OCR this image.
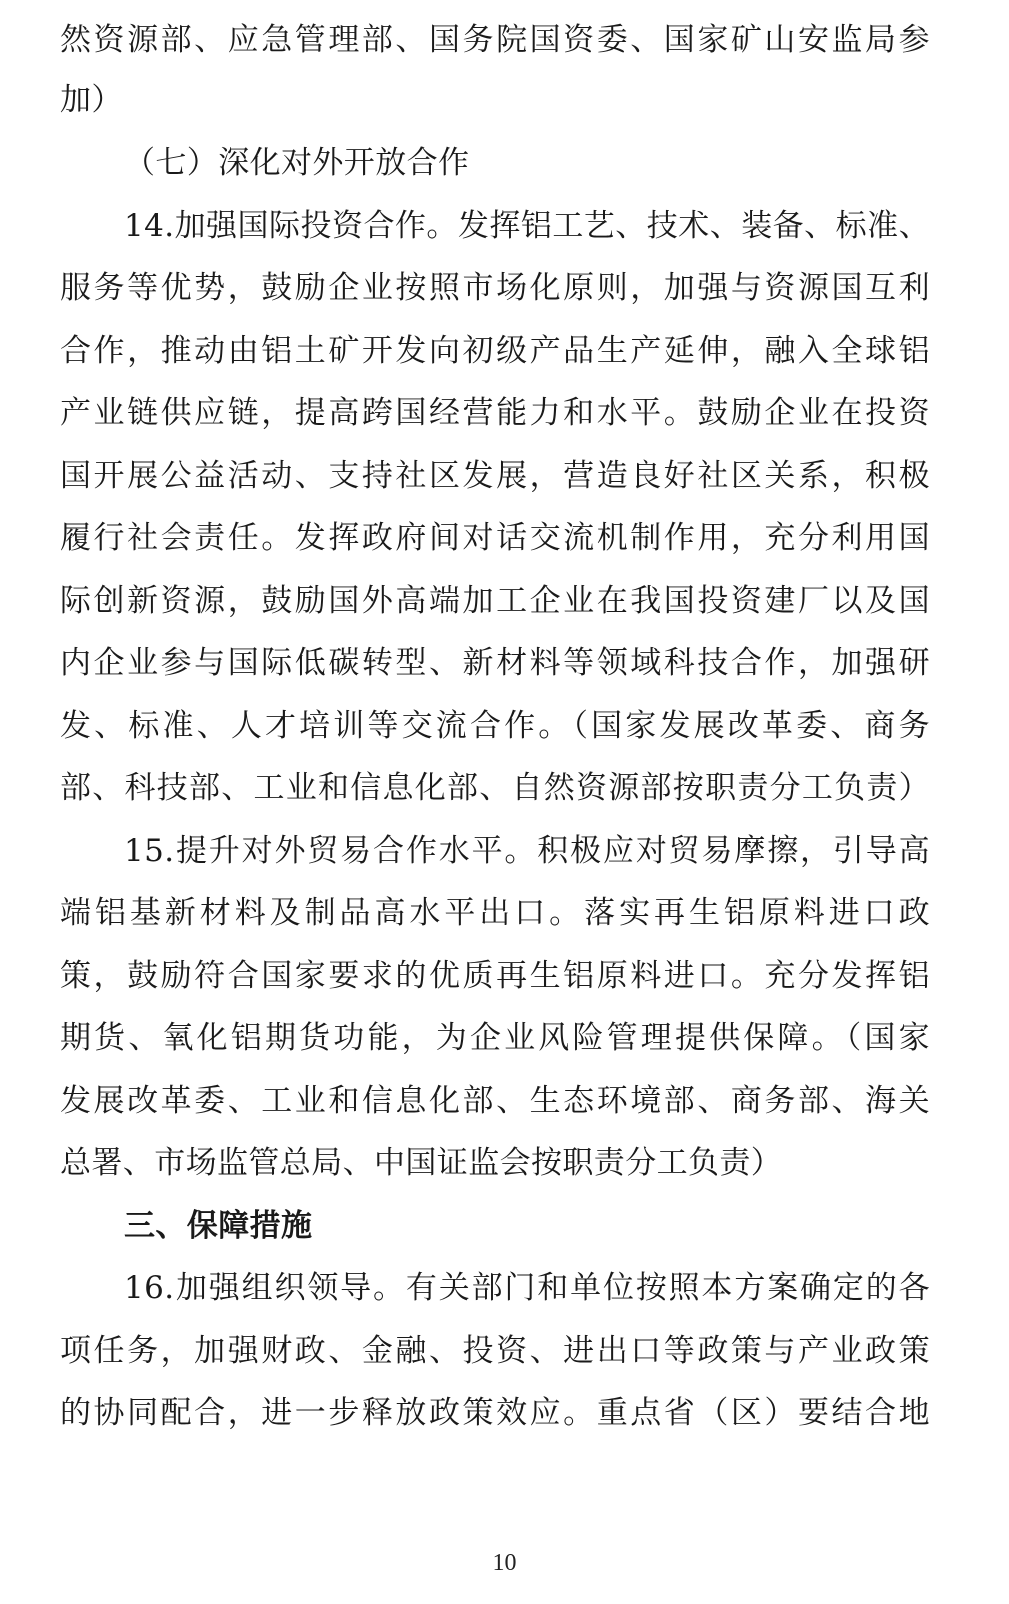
然资源部、应急管理部、国务院国资委、国家矿山安监局参
加）
（七）深化对外开放合作
14.加强国际投资合作。发挥铝工艺、技术、装备、标准、
服务等优势，鼓励企业按照市场化原则，加强与资源国互利
合作，推动由铝土矿开发向初级产品生产延伸，融入全球铝
产业链供应链，提高跨国经营能力和水平。鼓励企业在投资
国开展公益活动、支持社区发展，营造良好社区关系，积极
履行社会责任。发挥政府间对话交流机制作用，充分利用国
际创新资源，鼓励国外高端加工企业在我国投资建厂以及国
内企业参与国际低碳转型、新材料等领域科技合作，加强研
发、标准、人才培训等交流合作。（国家发展改革委、商务
部、科技部、工业和信息化部、自然资源部按职责分工负责）
15.提升对外贸易合作水平。积极应对贸易摩擦，引导高
端铝基新材料及制品高水平出口。落实再生铝原料进口政
策，鼓励符合国家要求的优质再生铝原料进口。充分发挥铝
期货、氧化铝期货功能，为企业风险管理提供保障。（国家
发展改革委、工业和信息化部、生态环境部、商务部、海关
总署、市场监管总局、中国证监会按职责分工负责）
三、保障措施
16.加强组织领导。有关部门和单位按照本方案确定的各
项任务，加强财政、金融、投资、进出口等政策与产业政策
的协同配合，进一步释放政策效应。重点省（区）要结合地
10
